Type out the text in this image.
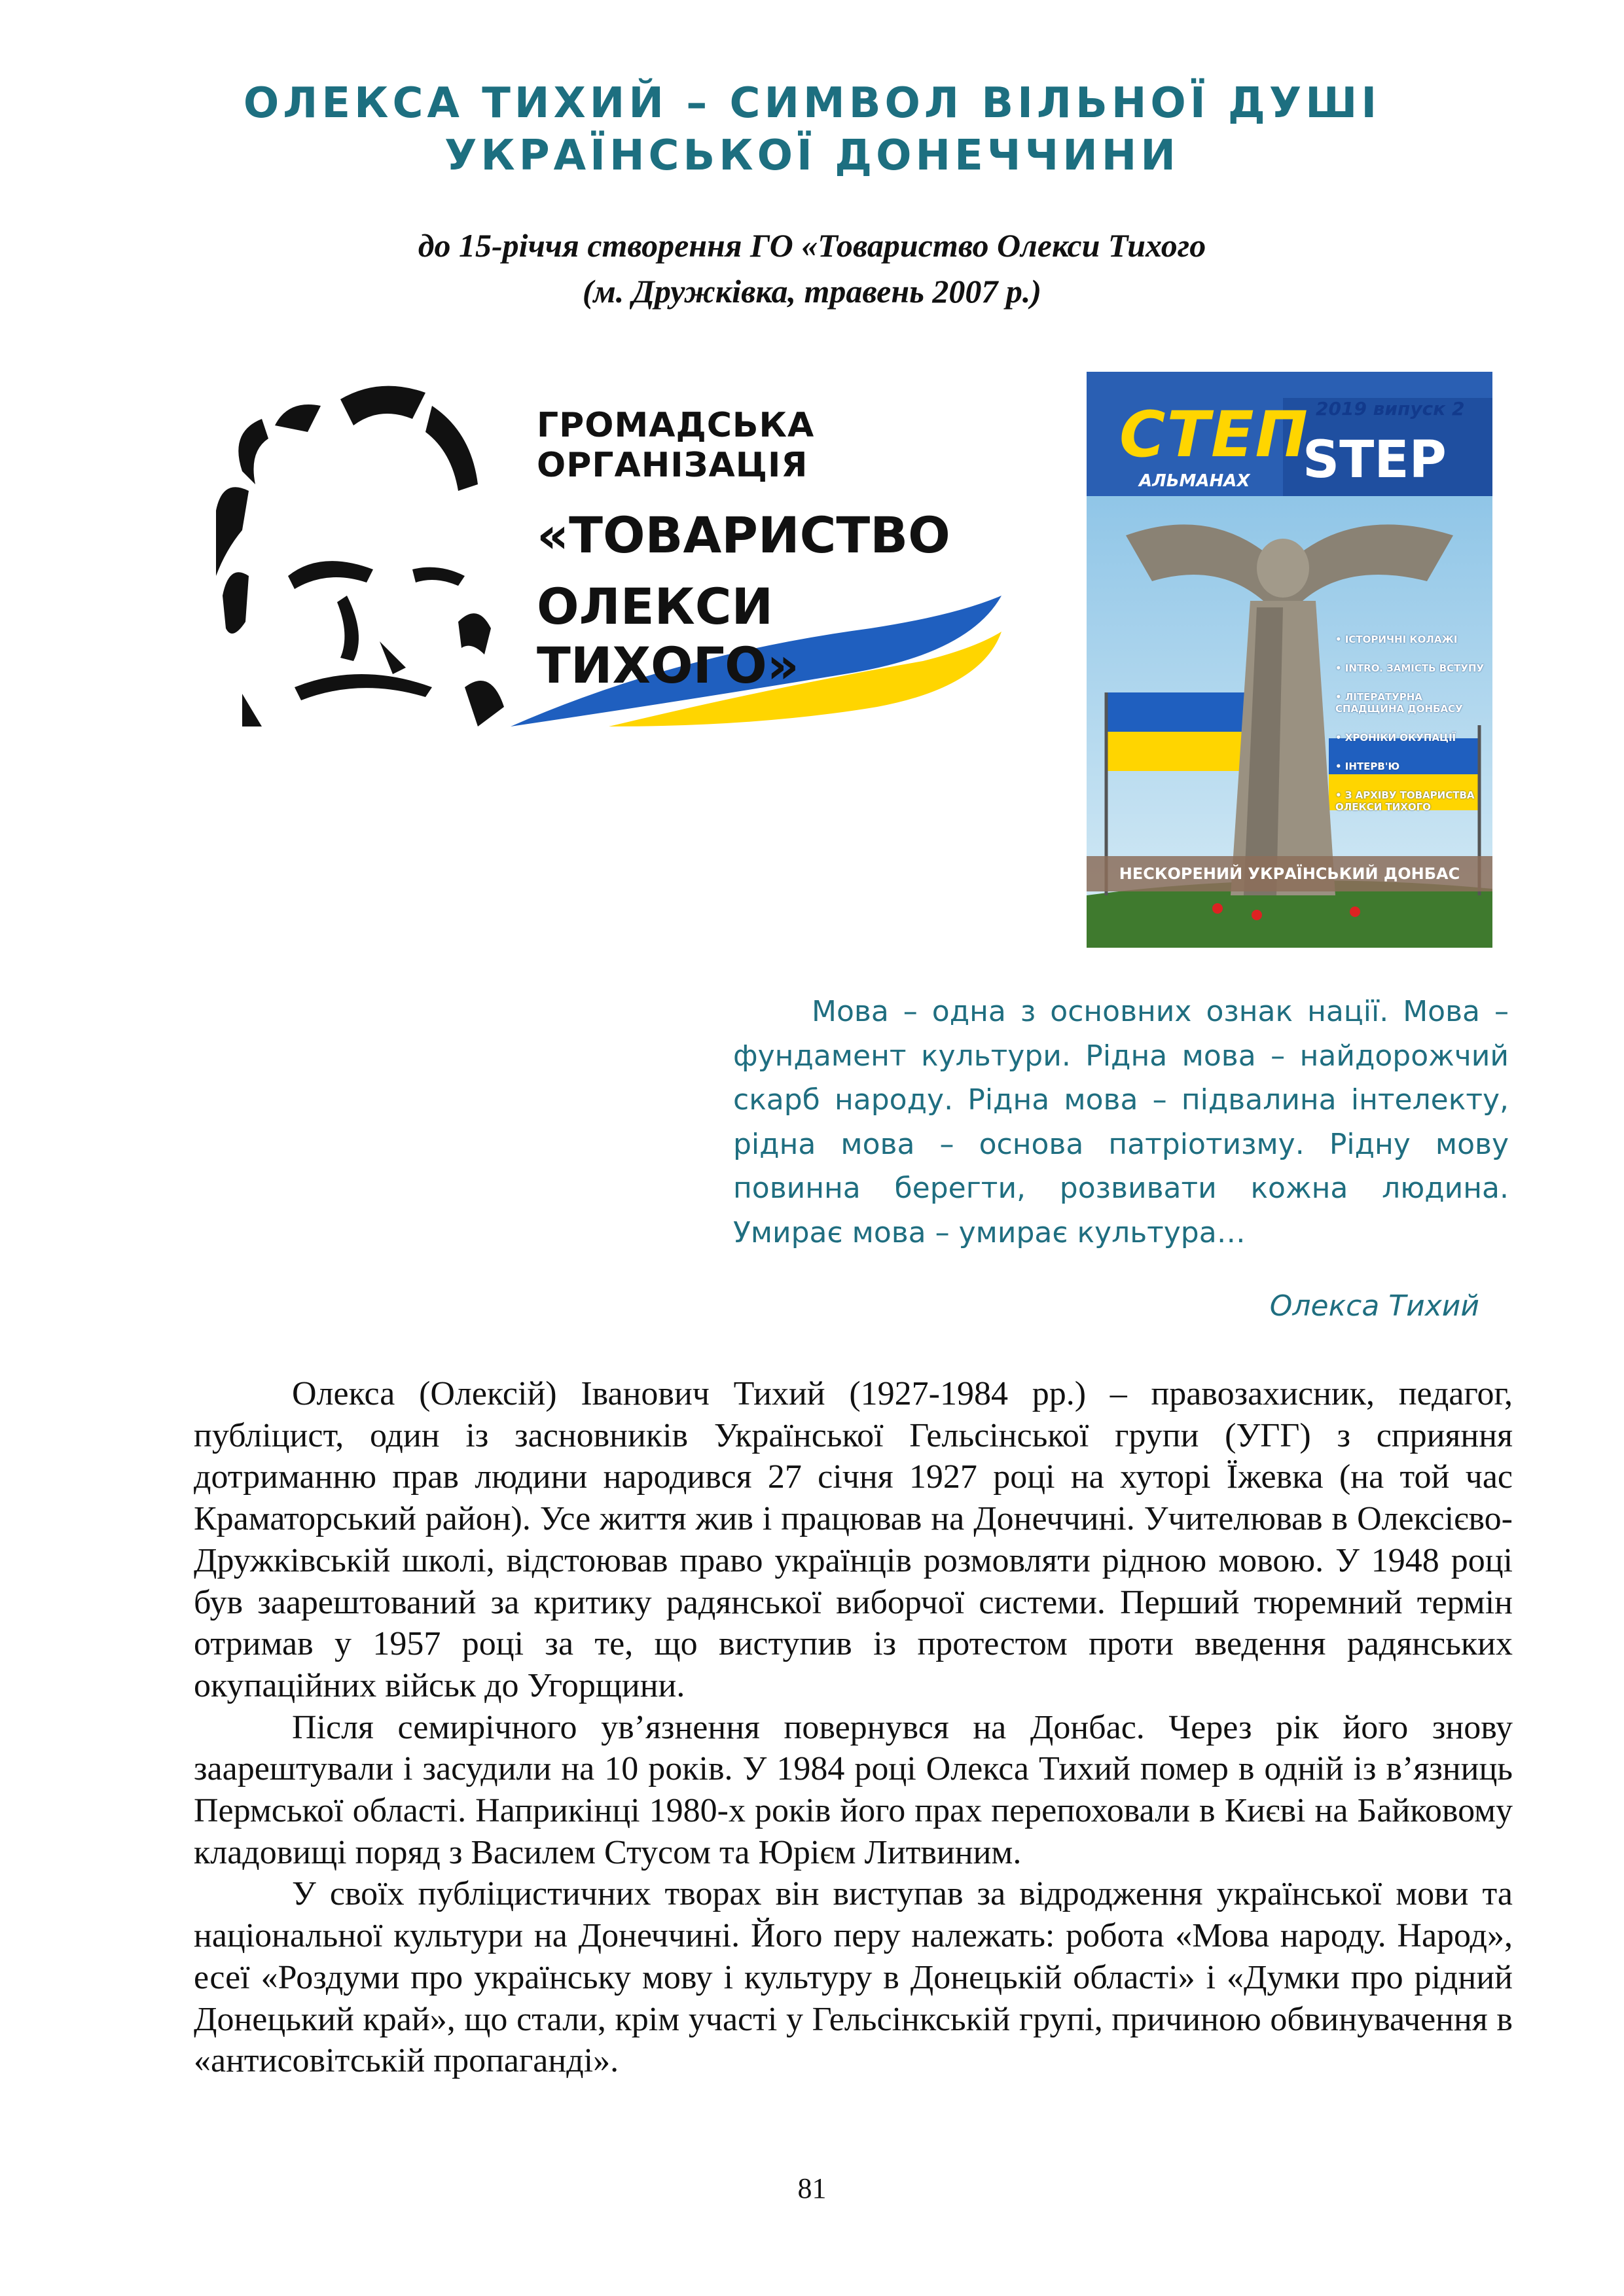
ОЛЕКСА ТИХИЙ – СИМВОЛ ВІЛЬНОЇ ДУШІ
УКРАЇНСЬКОЇ ДОНЕЧЧИНИ
до 15-річчя створення ГО «Товариство Олекси Тихого
(м. Дружківка, травень 2007 р.)
ГРОМАДСЬКА ОРГАНІЗАЦІЯ
«ТОВАРИСТВО
ОЛЕКСИ ТИХОГО»
СТЕП 2019 випуск 2
STEP
АЛЬМАНАХ
• ІСТОРИЧНІ КОЛАЖІ
• INTRO. ЗАМІСТЬ ВСТУПУ
• ЛІТЕРАТУРНА СПАДЩИНА ДОНБАСУ
• ХРОНІКИ ОКУПАЦІЇ
• ІНТЕРВ'Ю
• З АРХІВУ ТОВАРИСТВА ОЛЕКСИ ТИХОГО
НЕСКОРЕНИЙ УКРАЇНСЬКИЙ ДОНБАС

Мова – одна з основних ознак нації. Мова – фундамент культури. Рідна мова – найдорожчий скарб народу. Рідна мова – підвалина інтелекту, рідна мова – основа патріотизму. Рідну мову повинна берегти, розвивати кожна людина. Умирає мова – умирає культура…

Олекса Тихий

Олекса (Олексій) Іванович Тихий (1927-1984 рр.) – правозахисник, педагог, публіцист, один із засновників Української Гельсінської групи (УГГ) з сприяння дотриманню прав людини народився 27 січня 1927 році на хуторі Їжевка (на той час Краматорський район). Усе життя жив і працював на Донеччині. Учителював в Олексієво-Дружківській школі, відстоював право українців розмовляти рідною мовою. У 1948 році був заарештований за критику радянської виборчої системи. Перший тюремний термін отримав у 1957 році за те, що виступив із протестом проти введення радянських окупаційних військ до Угорщини.

Після семирічного ув’язнення повернувся на Донбас. Через рік його знову заарештували і засудили на 10 років. У 1984 році Олекса Тихий помер в одній із в’язниць Пермської області. Наприкінці 1980-х років його прах перепоховали в Києві на Байковому кладовищі поряд з Василем Стусом та Юрієм Литвиним.

У своїх публіцистичних творах він виступав за відродження української мови та національної культури на Донеччині. Його перу належать: робота «Мова народу. Народ», есеї «Роздуми про українську мову і культуру в Донецькій області» і «Думки про рідний Донецький край», що стали, крім участі у Гельсінкській групі, причиною обвинувачення в «антисовітській пропаганді».

81
